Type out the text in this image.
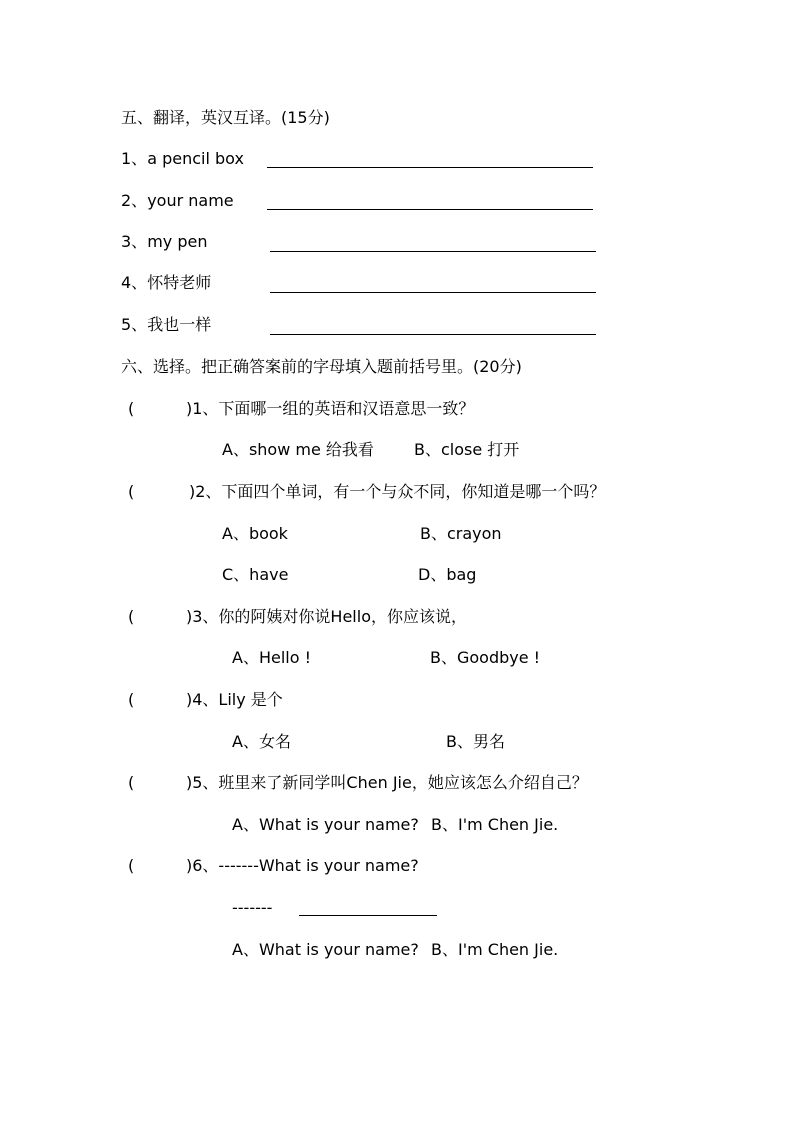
五、翻译，英汉互译。(15分)
1、a pencil box
2、your name
3、my pen
4、怀特老师
5、我也一样
六、选择。把正确答案前的字母填入题前括号里。(20分)
(	)1、下面哪一组的英语和汉语意思一致？
A、show me 给我看	B、close 打开
(	)2、下面四个单词，有一个与众不同，你知道是哪一个吗？
A、book	B、crayon
C、have	D、bag
(	)3、你的阿姨对你说Hello，你应该说，
A、Hello !	B、Goodbye !
(	)4、Lily 是个
A、女名	B、男名
(	)5、班里来了新同学叫Chen Jie，她应该怎么介绍自己？
A、What is your name? B、I'm Chen Jie.
(	)6、-------What is your name?
-------
A、What is your name? B、I'm Chen Jie.
